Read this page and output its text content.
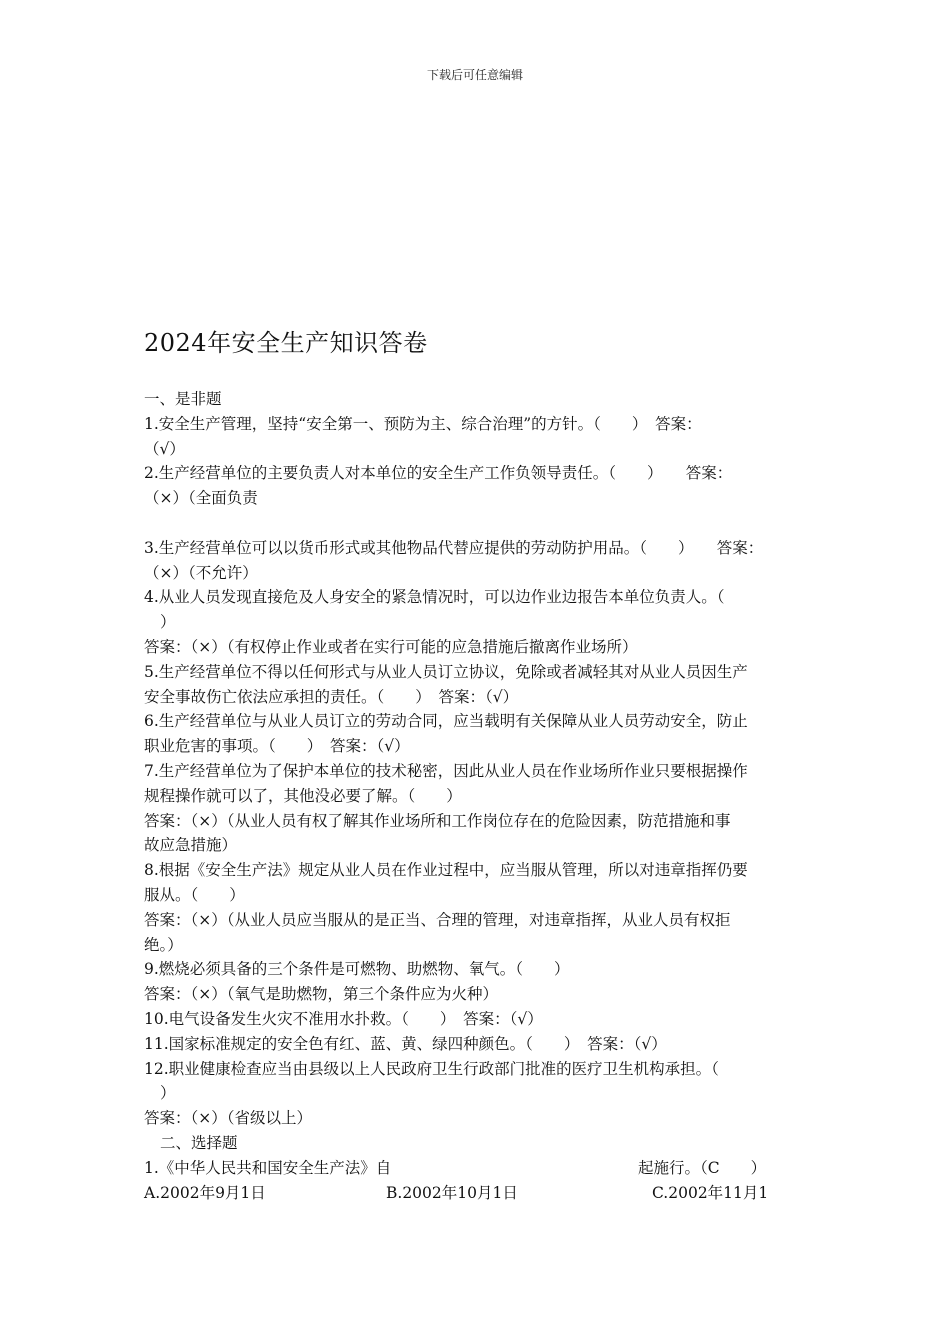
下载后可任意编辑
2024年安全生产知识答卷
一、是非题
1.安全生产管理，坚持“安全第一、预防为主、综合治理”的方针。（　　）　答案：
（√）
2.生产经营单位的主要负责人对本单位的安全生产工作负领导责任。（　　）　　答案：
（×）（全面负责
3.生产经营单位可以以货币形式或其他物品代替应提供的劳动防护用品。（　　）　　答案：
（×）（不允许）
4.从业人员发现直接危及人身安全的紧急情况时，可以边作业边报告本单位负责人。（
）
答案：（×）（有权停止作业或者在实行可能的应急措施后撤离作业场所）
5.生产经营单位不得以任何形式与从业人员订立协议，免除或者减轻其对从业人员因生产
安全事故伤亡依法应承担的责任。（　　）　答案：（√）
6.生产经营单位与从业人员订立的劳动合同，应当载明有关保障从业人员劳动安全，防止
职业危害的事项。（　　）　答案：（√）
7.生产经营单位为了保护本单位的技术秘密，因此从业人员在作业场所作业只要根据操作
规程操作就可以了，其他没必要了解。（　　）
答案：（×）（从业人员有权了解其作业场所和工作岗位存在的危险因素，防范措施和事
故应急措施）
8.根据《安全生产法》规定从业人员在作业过程中，应当服从管理，所以对违章指挥仍要
服从。（　　）
答案：（×）（从业人员应当服从的是正当、合理的管理，对违章指挥，从业人员有权拒
绝。）
9.燃烧必须具备的三个条件是可燃物、助燃物、氧气。（　　）
答案：（×）（氧气是助燃物，第三个条件应为火种）
10.电气设备发生火灾不准用水扑救。（　　）　答案：（√）
11.国家标准规定的安全色有红、蓝、黄、绿四种颜色。（　　）　答案：（√）
12.职业健康检查应当由县级以上人民政府卫生行政部门批准的医疗卫生机构承担。（
）
答案：（×）（省级以上）
二、选择题

1.《中华人民共和国安全生产法》自

	起施行。（C　　）

A.2002年9月1日

	B.2002年10月1日

	C.2002年11月1
